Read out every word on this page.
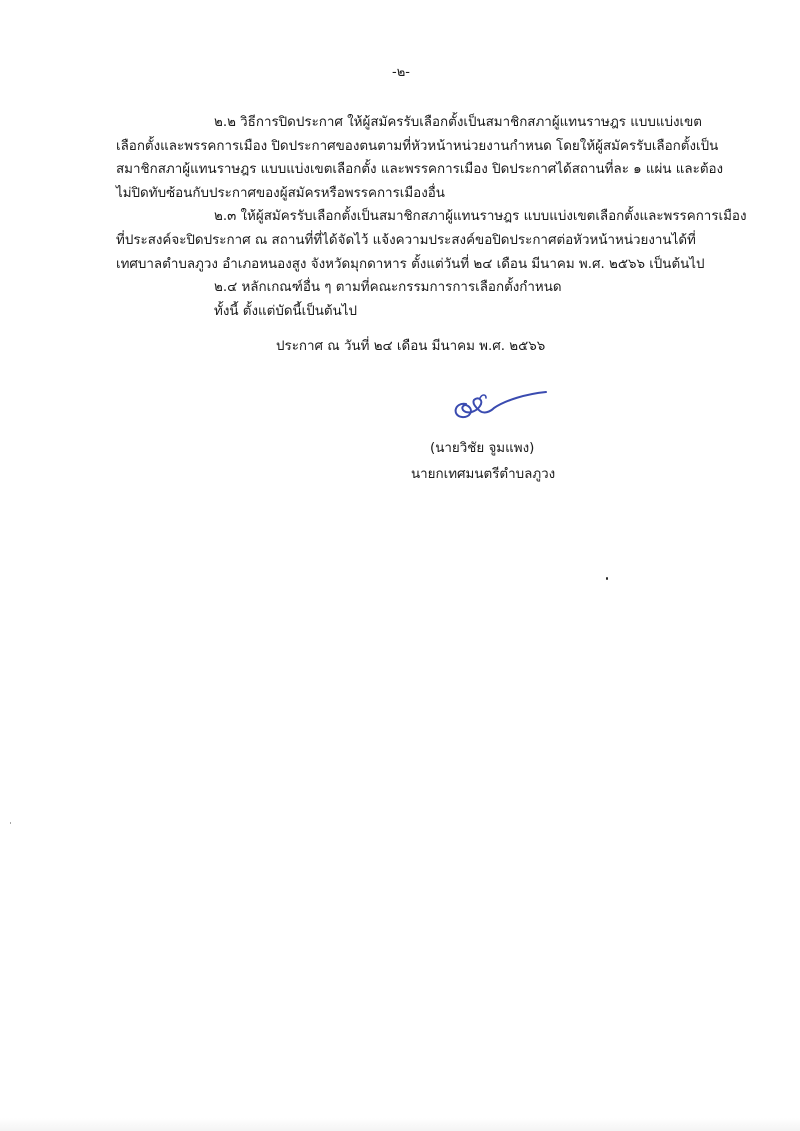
-๒-
๒.๒ วิธีการปิดประกาศ ให้ผู้สมัครรับเลือกตั้งเป็นสมาชิกสภาผู้แทนราษฎร แบบแบ่งเขต
เลือกตั้งและพรรคการเมือง ปิดประกาศของตนตามที่หัวหน้าหน่วยงานกำหนด โดยให้ผู้สมัครรับเลือกตั้งเป็น
สมาชิกสภาผู้แทนราษฎร แบบแบ่งเขตเลือกตั้ง และพรรคการเมือง ปิดประกาศได้สถานที่ละ ๑ แผ่น และต้อง
ไม่ปิดทับซ้อนกับประกาศของผู้สมัครหรือพรรคการเมืองอื่น
๒.๓ ให้ผู้สมัครรับเลือกตั้งเป็นสมาชิกสภาผู้แทนราษฎร แบบแบ่งเขตเลือกตั้งและพรรคการเมือง
ที่ประสงค์จะปิดประกาศ ณ สถานที่ที่ได้จัดไว้ แจ้งความประสงค์ขอปิดประกาศต่อหัวหน้าหน่วยงานได้ที่
เทศบาลตำบลภูวง อำเภอหนองสูง จังหวัดมุกดาหาร ตั้งแต่วันที่ ๒๔ เดือน มีนาคม พ.ศ. ๒๕๖๖ เป็นต้นไป
๒.๔ หลักเกณฑ์อื่น ๆ ตามที่คณะกรรมการการเลือกตั้งกำหนด
ทั้งนี้ ตั้งแต่บัดนี้เป็นต้นไป
ประกาศ ณ วันที่ ๒๔ เดือน มีนาคม พ.ศ. ๒๕๖๖
(นายวิชัย จูมแพง)
นายกเทศมนตรีตำบลภูวง
